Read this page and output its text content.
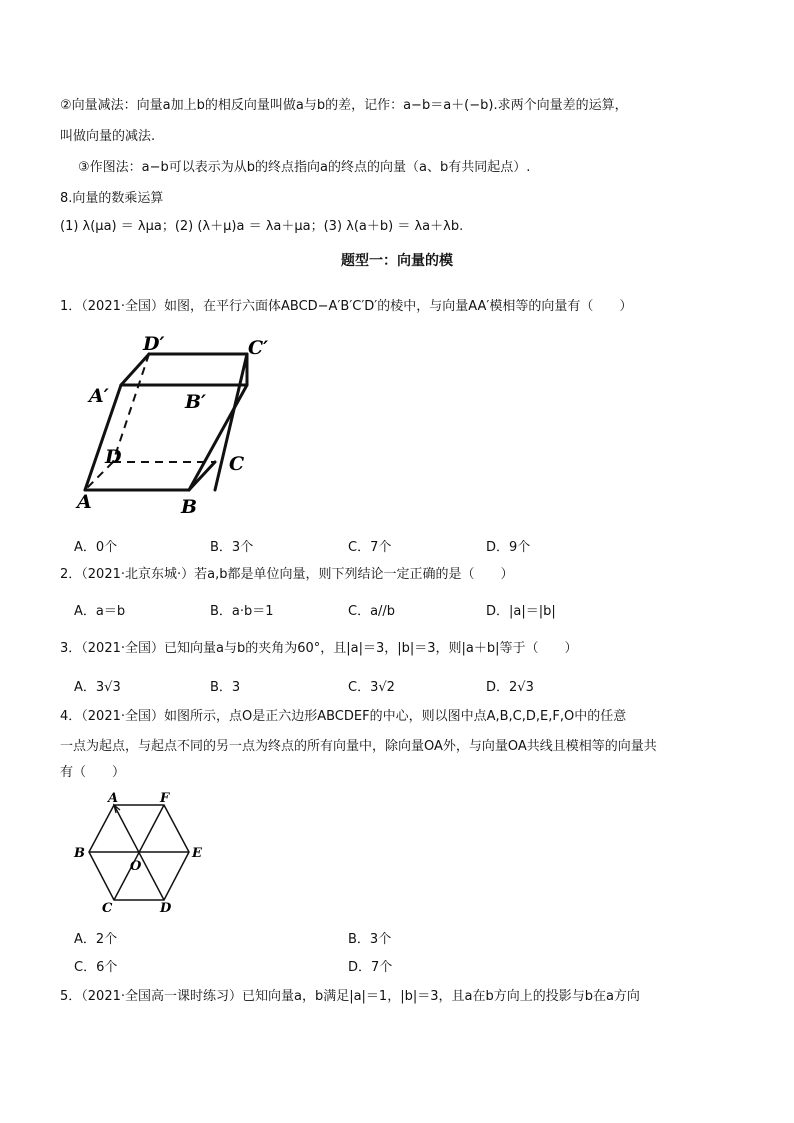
②向量减法：向量a加上b的相反向量叫做a与b的差，记作：a−b＝a＋(−b).求两个向量差的运算，
叫做向量的减法.
③作图法：a−b可以表示为从b的终点指向a的终点的向量（a、b有共同起点）.
8.向量的数乘运算
(1) λ(μa) ＝ λμa；(2) (λ＋μ)a ＝ λa＋μa；(3) λ(a＋b) ＝ λa＋λb.
题型一：向量的模
1．（2021·全国）如图，在平行六面体ABCD−A′B′C′D′的棱中，与向量AA′模相等的向量有（　　）
D′	C′
A′	B′
D	C
A	B
A．0个	B．3个	C．7个	D．9个
2．（2021·北京东城·）若a,b都是单位向量，则下列结论一定正确的是（　　）
A．a＝b	B．a·b＝1	C．a//b	D．|a|＝|b|
3．（2021·全国）已知向量a与b的夹角为60°，且|a|＝3，|b|＝3，则|a＋b|等于（　　）
A．3√3	B．3	C．3√2	D．2√3
4．（2021·全国）如图所示，点O是正六边形ABCDEF的中心，则以图中点A,B,C,D,E,F,O中的任意
一点为起点，与起点不同的另一点为终点的所有向量中，除向量OA外，与向量OA共线且模相等的向量共
有（　　）
A	F
B	E
O
C	D
A．2个	B．3个
C．6个	D．7个
5．（2021·全国高一课时练习）已知向量a，b满足|a|＝1，|b|＝3，且a在b方向上的投影与b在a方向
